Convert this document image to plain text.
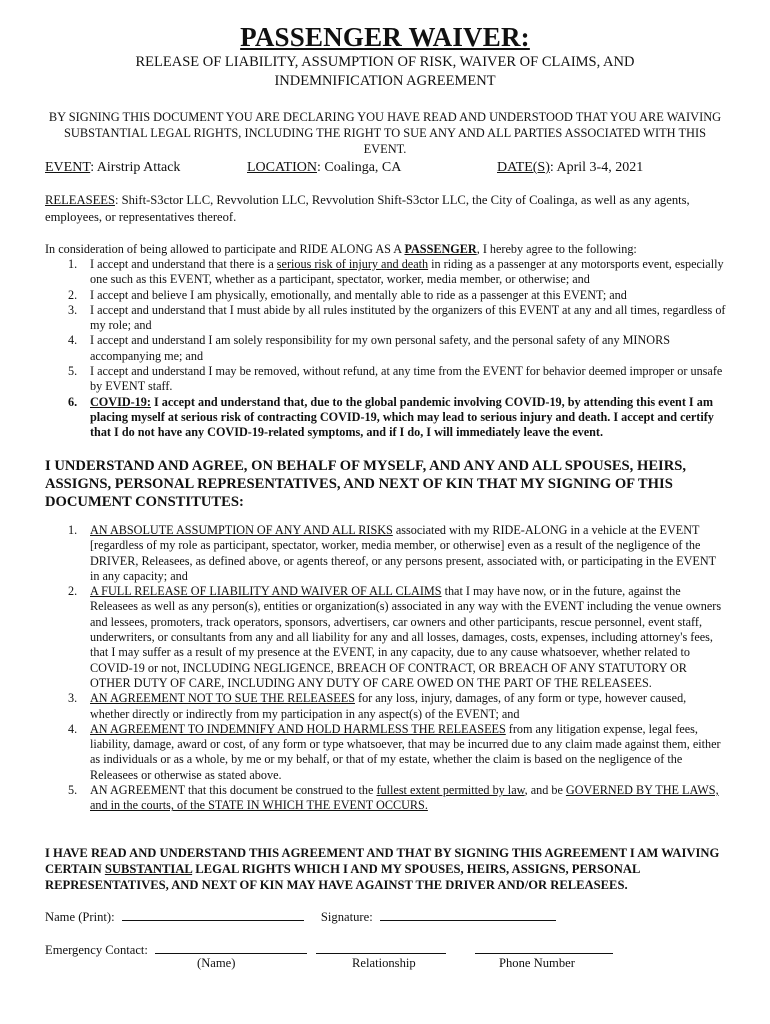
PASSENGER WAIVER:
RELEASE OF LIABILITY, ASSUMPTION OF RISK, WAIVER OF CLAIMS, AND
INDEMNIFICATION AGREEMENT
BY SIGNING THIS DOCUMENT YOU ARE DECLARING YOU HAVE READ AND UNDERSTOOD THAT YOU ARE WAIVING SUBSTANTIAL LEGAL RIGHTS, INCLUDING THE RIGHT TO SUE ANY AND ALL PARTIES ASSOCIATED WITH THIS EVENT.
EVENT: Airstrip Attack	LOCATION: Coalinga, CA	DATE(S): April 3-4, 2021
RELEASEES: Shift-S3ctor LLC, Revvolution LLC, Revvolution Shift-S3ctor LLC, the City of Coalinga, as well as any agents, employees, or representatives thereof.
In consideration of being allowed to participate and RIDE ALONG AS A PASSENGER, I hereby agree to the following:
1. I accept and understand that there is a serious risk of injury and death in riding as a passenger at any motorsports event, especially one such as this EVENT, whether as a participant, spectator, worker, media member, or otherwise; and
2. I accept and believe I am physically, emotionally, and mentally able to ride as a passenger at this EVENT; and
3. I accept and understand that I must abide by all rules instituted by the organizers of this EVENT at any and all times, regardless of my role; and
4. I accept and understand I am solely responsibility for my own personal safety, and the personal safety of any MINORS accompanying me; and
5. I accept and understand I may be removed, without refund, at any time from the EVENT for behavior deemed improper or unsafe by EVENT staff.
6. COVID-19: I accept and understand that, due to the global pandemic involving COVID-19, by attending this event I am placing myself at serious risk of contracting COVID-19, which may lead to serious injury and death. I accept and certify that I do not have any COVID-19-related symptoms, and if I do, I will immediately leave the event.
I UNDERSTAND AND AGREE, ON BEHALF OF MYSELF, AND ANY AND ALL SPOUSES, HEIRS, ASSIGNS, PERSONAL REPRESENTATIVES, AND NEXT OF KIN THAT MY SIGNING OF THIS DOCUMENT CONSTITUTES:
1. AN ABSOLUTE ASSUMPTION OF ANY AND ALL RISKS associated with my RIDE-ALONG in a vehicle at the EVENT [regardless of my role as participant, spectator, worker, media member, or otherwise] even as a result of the negligence of the DRIVER, Releasees, as defined above, or agents thereof, or any persons present, associated with, or participating in the EVENT in any capacity; and
2. A FULL RELEASE OF LIABILITY AND WAIVER OF ALL CLAIMS that I may have now, or in the future, against the Releasees as well as any person(s), entities or organization(s) associated in any way with the EVENT including the venue owners and lessees, promoters, track operators, sponsors, advertisers, car owners and other participants, rescue personnel, event staff, underwriters, or consultants from any and all liability for any and all losses, damages, costs, expenses, including attorney's fees, that I may suffer as a result of my presence at the EVENT, in any capacity, due to any cause whatsoever, whether related to COVID-19 or not, INCLUDING NEGLIGENCE, BREACH OF CONTRACT, OR BREACH OF ANY STATUTORY OR OTHER DUTY OF CARE, INCLUDING ANY DUTY OF CARE OWED ON THE PART OF THE RELEASEES.
3. AN AGREEMENT NOT TO SUE THE RELEASEES for any loss, injury, damages, of any form or type, however caused, whether directly or indirectly from my participation in any aspect(s) of the EVENT; and
4. AN AGREEMENT TO INDEMNIFY AND HOLD HARMLESS THE RELEASEES from any litigation expense, legal fees, liability, damage, award or cost, of any form or type whatsoever, that may be incurred due to any claim made against them, either as individuals or as a whole, by me or my behalf, or that of my estate, whether the claim is based on the negligence of the Releasees or otherwise as stated above.
5. AN AGREEMENT that this document be construed to the fullest extent permitted by law, and be GOVERNED BY THE LAWS, and in the courts, of the STATE IN WHICH THE EVENT OCCURS.
I HAVE READ AND UNDERSTAND THIS AGREEMENT AND THAT BY SIGNING THIS AGREEMENT I AM WAIVING CERTAIN SUBSTANTIAL LEGAL RIGHTS WHICH I AND MY SPOUSES, HEIRS, ASSIGNS, PERSONAL REPRESENTATIVES, AND NEXT OF KIN MAY HAVE AGAINST THE DRIVER AND/OR RELEASEES.
Name (Print):	Signature:
Emergency Contact:
(Name)	Relationship	Phone Number
